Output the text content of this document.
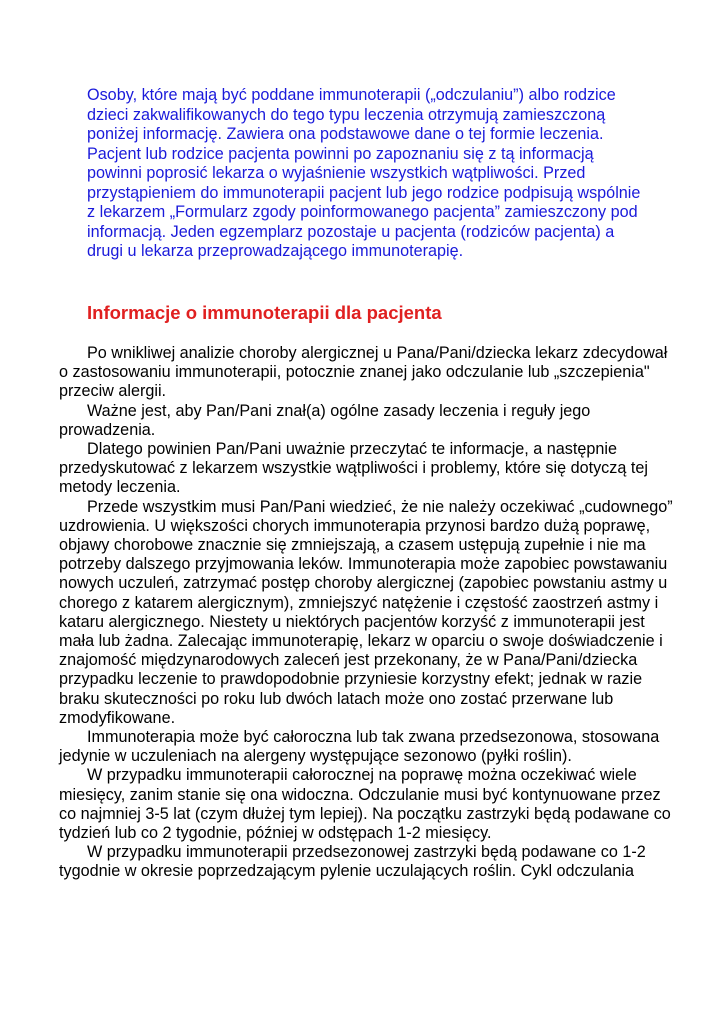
Osoby, które mają być poddane immunoterapii („odczulaniu”) albo rodzice dzieci zakwalifikowanych do tego typu leczenia otrzymują zamieszczoną poniżej informację. Zawiera ona podstawowe dane o tej formie leczenia. Pacjent lub rodzice pacjenta powinni po zapoznaniu się z tą informacją powinni poprosić lekarza o wyjaśnienie wszystkich wątpliwości. Przed przystąpieniem do immunoterapii pacjent lub jego rodzice podpisują wspólnie z lekarzem „Formularz zgody poinformowanego pacjenta” zamieszczony pod informacją. Jeden egzemplarz pozostaje u pacjenta (rodziców pacjenta) a drugi u lekarza przeprowadzającego immunoterapię.

Informacje o immunoterapii dla pacjenta

Po wnikliwej analizie choroby alergicznej u Pana/Pani/dziecka lekarz zdecydował o zastosowaniu immunoterapii, potocznie znanej jako odczulanie lub „szczepienia" przeciw alergii.

Ważne jest, aby Pan/Pani znał(a) ogólne zasady leczenia i reguły jego prowadzenia.

Dlatego powinien Pan/Pani uważnie przeczytać te informacje, a następnie przedyskutować z lekarzem wszystkie wątpliwości i problemy, które się dotyczą tej metody leczenia.

Przede wszystkim musi Pan/Pani wiedzieć, że nie należy oczekiwać „cudownego” uzdrowienia. U większości chorych immunoterapia przynosi bardzo dużą poprawę, objawy chorobowe znacznie się zmniejszają, a czasem ustępują zupełnie i nie ma potrzeby dalszego przyjmowania leków. Immunoterapia może zapobiec powstawaniu nowych uczuleń, zatrzymać postęp choroby alergicznej (zapobiec powstaniu astmy u chorego z katarem alergicznym), zmniejszyć natężenie i częstość zaostrzeń astmy i kataru alergicznego. Niestety u niektórych pacjentów korzyść z immunoterapii jest mała lub żadna. Zalecając immunoterapię, lekarz w oparciu o swoje doświadczenie i znajomość międzynarodowych zaleceń jest przekonany, że w Pana/Pani/dziecka przypadku leczenie to prawdopodobnie przyniesie korzystny efekt; jednak w razie braku skuteczności po roku lub dwóch latach może ono zostać przerwane lub zmodyfikowane.

Immunoterapia może być całoroczna lub tak zwana przedsezonowa, stosowana jedynie w uczuleniach na alergeny występujące sezonowo (pyłki roślin).

W przypadku immunoterapii całorocznej na poprawę można oczekiwać wiele miesięcy, zanim stanie się ona widoczna. Odczulanie musi być kontynuowane przez co najmniej 3-5 lat (czym dłużej tym lepiej). Na początku zastrzyki będą podawane co tydzień lub co 2 tygodnie, później w odstępach 1-2 miesięcy.

W przypadku immunoterapii przedsezonowej zastrzyki będą podawane co 1-2 tygodnie w okresie poprzedzającym pylenie uczulających roślin. Cykl odczulania
